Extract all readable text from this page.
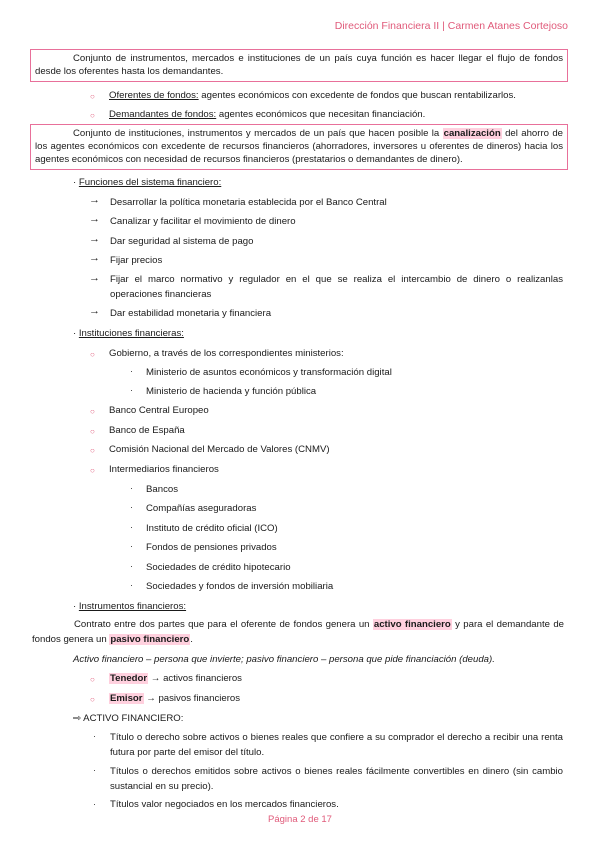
Dirección Financiera II | Carmen Atanes Cortejoso
Conjunto de instrumentos, mercados e instituciones de un país cuya función es hacer llegar el flujo de fondos desde los oferentes hasta los demandantes.
○ Oferentes de fondos: agentes económicos con excedente de fondos que buscan rentabilizarlos.
○ Demandantes de fondos: agentes económicos que necesitan financiación.
Conjunto de instituciones, instrumentos y mercados de un país que hacen posible la canalización del ahorro de los agentes económicos con excedente de recursos financieros (ahorradores, inversores u oferentes de dineros) hacia los agentes económicos con necesidad de recursos financieros (prestatarios o demandantes de dinero).
· Funciones del sistema financiero:
→ Desarrollar la política monetaria establecida por el Banco Central
→ Canalizar y facilitar el movimiento de dinero
→ Dar seguridad al sistema de pago
→ Fijar precios
→ Fijar el marco normativo y regulador en el que se realiza el intercambio de dinero o realizanlas operaciones financieras
→ Dar estabilidad monetaria y financiera
· Instituciones financieras:
○ Gobierno, a través de los correspondientes ministerios:
· Ministerio de asuntos económicos y transformación digital
· Ministerio de hacienda y función pública
○ Banco Central Europeo
○ Banco de España
○ Comisión Nacional del Mercado de Valores (CNMV)
○ Intermediarios financieros
· Bancos
· Compañías aseguradoras
· Instituto de crédito oficial (ICO)
· Fondos de pensiones privados
· Sociedades de crédito hipotecario
· Sociedades y fondos de inversión mobiliaria
· Instrumentos financieros:
Contrato entre dos partes que para el oferente de fondos genera un activo financiero y para el demandante de fondos genera un pasivo financiero.
Activo financiero – persona que invierte; pasivo financiero – persona que pide financiación (deuda).
○ Tenedor → activos financieros
○ Emisor → pasivos financieros
⇨ ACTIVO FINANCIERO:
· Título o derecho sobre activos o bienes reales que confiere a su comprador el derecho a recibir una renta futura por parte del emisor del título.
· Títulos o derechos emitidos sobre activos o bienes reales fácilmente convertibles en dinero (sin cambio sustancial en su precio).
· Títulos valor negociados en los mercados financieros.
Página 2 de 17
